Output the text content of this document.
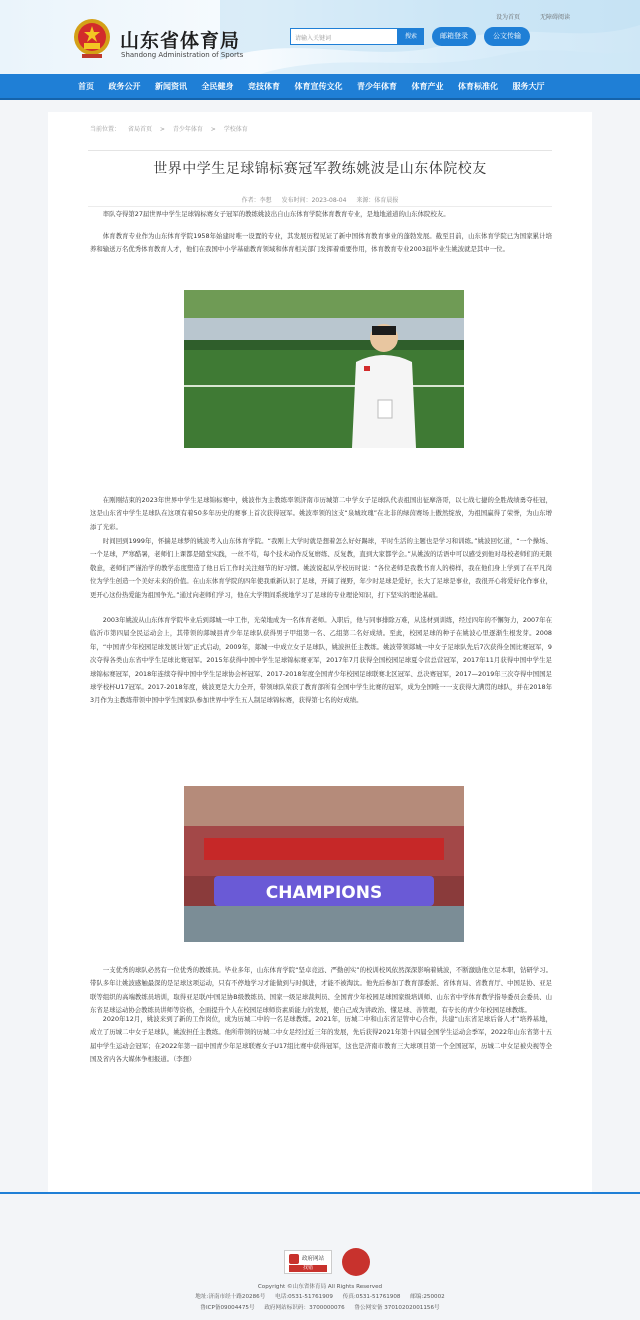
山东省体育局
Shandong Administration of Sports
设为首页	无障碍阅读
请输入关键词	搜索	邮箱登录	公文传输
首页 政务公开 新闻资讯 全民健身 竞技体育 体育宣传文化 青少年体育 体育产业 体育标准化 服务大厅
当前位置： 省局首页 > 青少年体育 > 学校体育
世界中学生足球锦标赛冠军教练姚波是山东体院校友
作者：李想 发布时间：2023-08-04 来源：体育晨报

率队夺得第27届世界中学生足球锦标赛女子冠军的教练姚波出自山东体育学院体育教育专业，是地地道道的山东体院校友。

体育教育专业作为山东体育学院1958年始建时唯一设置的专业，其发展历程见证了新中国体育教育事业的蓬勃发展。截至目前，山东体育学院已为国家累计培养和输送万名优秀体育教育人才，他们在我国中小学基础教育领域和体育相关部门发挥着重要作用，体育教育专业2003届毕业生姚波就是其中一位。

在刚刚结束的2023年世界中学生足球锦标赛中，姚波作为主教练率领济南市历城第二中学女子足球队代表祖国出征摩洛哥，以七战七捷的全胜战绩勇夺桂冠，这是山东省中学生足球队在这项有着50多年历史的赛事上首次获得冠军。姚波率领的这支“泉城玫瑰”在北非的绿茵赛场上傲然绽放，为祖国赢得了荣誉，为山东增添了光彩。

时间回到1999年，怀揣足球梦的姚波考入山东体育学院。“我刚上大学时就是想着怎么好好踢球，平时生活的主题也是学习和训练。”姚波回忆道，“一个操场、一个足球，严寒酷暑，老师们上课都是随堂实践，一丝不苟，每个技术动作反复磨练、反复教，直到大家都学会。”从姚波的话语中可以感受到他对母校老师们的无限敬意，老师们严谨治学的教学态度塑造了他日后工作时关注细节的好习惯。姚波说起从学校历时说：“各位老师是我教书育人的榜样，我在他们身上学到了在平凡岗位为学生创造一个美好未来的价值。在山东体育学院的四年使我重新认识了足球，开阔了视野，年少时足球是爱好，长大了足球是事业，我很开心将爱好化作事业，更开心这份热爱能为祖国争光。”通过向老师们学习，他在大学期间系统地学习了足球的专业理论知识，打下坚实的理论基础。

2003年姚波从山东体育学院毕业后到郯城一中工作，光荣地成为一名体育老师。入职后，他与同事排除万难，从选材到训练，经过四年的不懈努力，2007年在临沂市第四届全民运动会上，其带领的郯城县青少年足球队获得男子甲组第一名、乙组第二名好成绩。至此，校园足球的种子在姚波心里逐渐生根发芽。2008年，“中国青少年校园足球发展计划”正式启动，2009年，郯城一中成立女子足球队，姚波担任主教练。姚波带领郯城一中女子足球队先后7次获得全国比赛冠军，9次夺得各类山东省中学生足球比赛冠军。2015年获得中国中学生足球锦标赛亚军，2017年7月获得全国校园足球夏令营总营冠军，2017年11月获得中国中学生足球锦标赛冠军，2018年连续夺得中国中学生足球协会杯冠军、2017-2018年度全国青少年校园足球联赛北区冠军、总决赛冠军，2017—2019年三次夺得中国国足球学校杯U17冠军。2017-2018年度，姚波更是大力全开，带领球队荣获了教育部所有全国中学生比赛的冠军，成为全国唯一一支获得大满贯的球队，并在2018年3月作为主教练带领中国中学生国家队参加世界中学生五人制足球锦标赛，获得第七名的好成绩。

CHAMPIONS

一支优秀的球队必然有一位优秀的教练员。毕业多年，山东体育学院“坚卓竞远、严勤创实”的校训校风依然深深影响着姚波，不断激励他立足本职，钻研学习。带队多年让姚波感触最深的是足球这项运动，只有不停地学习才能做到与时俱进，才能不被淘汰。他先后参加了教育部委派、省体育局、省教育厅、中国足协、亚足联等组织的高端教练员培训，取得亚足联/中国足协B级教练员、国家一级足球裁判员、全国青少年校园足球国家级培训师、山东省中学体育教学指导委员会委员、山东省足球运动协会教练员讲师等资格，全面提升个人在校园足球师资素质能力的发展，使自己成为讲政治、懂足球、善管理，有专长的青少年校园足球教练。

2020年12月，姚波来到了新的工作岗位，成为历城二中的一名足球教练。2021年，历城二中和山东省足管中心合作，共建“山东省足球后备人才”培养基地，成立了历城二中女子足球队，姚波担任主教练。他所带领的历城二中女足经过近三年的发展，先后获得2021年第十四届全国学生运动会季军，2022年山东省第十五届中学生运动会冠军；在2022年第一届中国青少年足球联赛女子U17组比赛中获得冠军，这也是济南市教育三大球项目第一个全国冠军，历城二中女足被央视等全国及省内各大媒体争相报道。（李想）

政府网站
找错
Copyright ©山东省体育局 All Rights Reserved
地址:济南市经十路20286号 电话:0531-51761909 传真:0531-51761908 邮编:250002
鲁ICP备09004475号 政府网站标识码：3700000076 鲁公网安备 37010202001156号
